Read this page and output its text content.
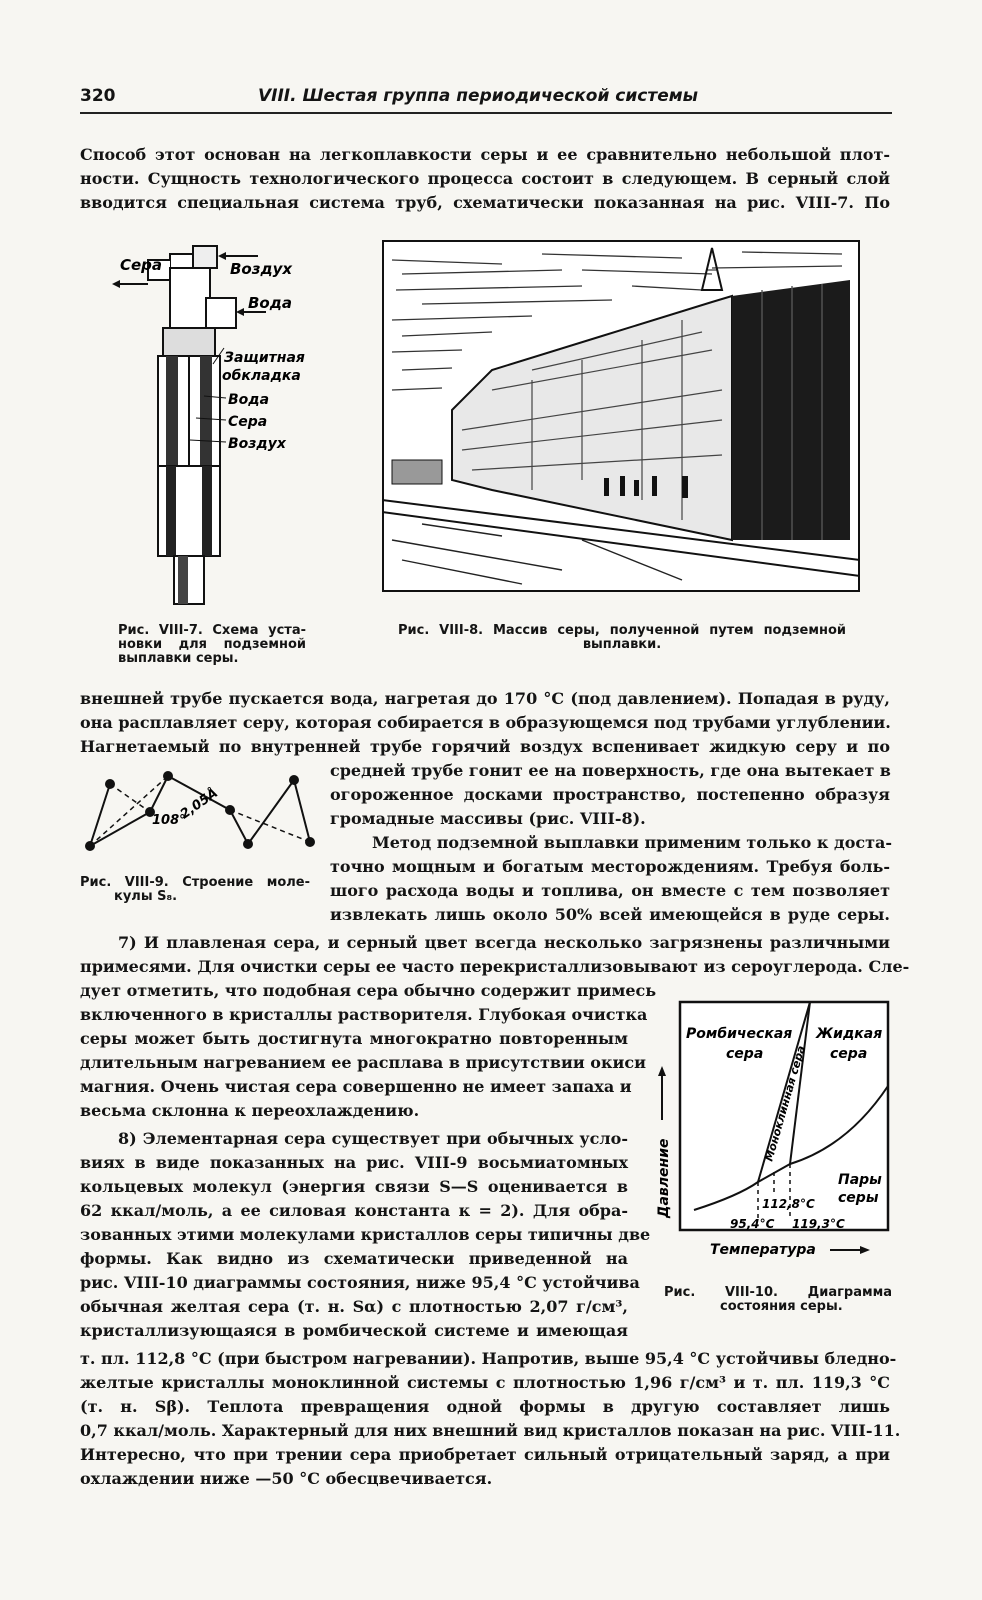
320	VIII. Шестая группа периодической системы
Способ этот основан на легкоплавкости серы и ее сравнительно небольшой плот-
ности. Сущность технологического процесса состоит в следующем. В серный слой
вводится специальная система труб, схематически показанная на рис. VIII-7. По
Сера	Воздух
Вода
Защитная
обкладка
Вода
Сера
Воздух
Рис. VIII-7. Схема уста-
новки для подземной
выплавки серы.
Рис. VIII-8. Массив серы, полученной путем подземной
выплавки.
внешней трубе пускается вода, нагретая до 170 °С (под давлением). Попадая в руду,
она расплавляет серу, которая собирается в образующемся под трубами углублении.
Нагнетаемый по внутренней трубе горячий воздух вспенивает жидкую серу и по
108°
2,05Å
Рис. VIII-9. Строение моле-
кулы S₈.
средней трубе гонит ее на поверхность, где она вытекает в
огороженное досками пространство, постепенно образуя
громадные массивы (рис. VIII-8).
Метод подземной выплавки применим только к доста-
точно мощным и богатым месторождениям. Требуя боль-
шого расхода воды и топлива, он вместе с тем позволяет
извлекать лишь около 50% всей имеющейся в руде серы.
7) И плавленая сера, и серный цвет всегда несколько загрязнены различными
примесями. Для очистки серы ее часто перекристаллизовывают из сероуглерода. Сле-
дует отметить, что подобная сера обычно содержит примесь
включенного в кристаллы растворителя. Глубокая очистка
серы может быть достигнута многократно повторенным
длительным нагреванием ее расплава в присутствии окиси
магния. Очень чистая сера совершенно не имеет запаха и
весьма склонна к переохлаждению.
8) Элементарная сера существует при обычных усло-
виях в виде показанных на рис. VIII-9 восьмиатомных
кольцевых молекул (энергия связи S—S оценивается в
62 ккал/моль, а ее силовая константа к = 2). Для обра-
зованных этими молекулами кристаллов серы типичны две
формы. Как видно из схематически приведенной на
рис. VIII-10 диаграммы состояния, ниже 95,4 °С устойчива
обычная желтая сера (т. н. Sα) с плотностью 2,07 г/см³,
кристаллизующаяся в ромбической системе и имеющая
Ромбическая
сера
Жидкая
сера
Моноклинная сера
Пары
серы
112,8°С
95,4°С 119,3°С
Давление
Температура
Рис. VIII-10. Диаграмма
состояния серы.
т. пл. 112,8 °С (при быстром нагревании). Напротив, выше 95,4 °С устойчивы бледно-
желтые кристаллы моноклинной системы с плотностью 1,96 г/см³ и т. пл. 119,3 °С
(т. н. Sβ). Теплота превращения одной формы в другую составляет лишь
0,7 ккал/моль. Характерный для них внешний вид кристаллов показан на рис. VIII-11.
Интересно, что при трении сера приобретает сильный отрицательный заряд, а при
охлаждении ниже —50 °С обесцвечивается.
